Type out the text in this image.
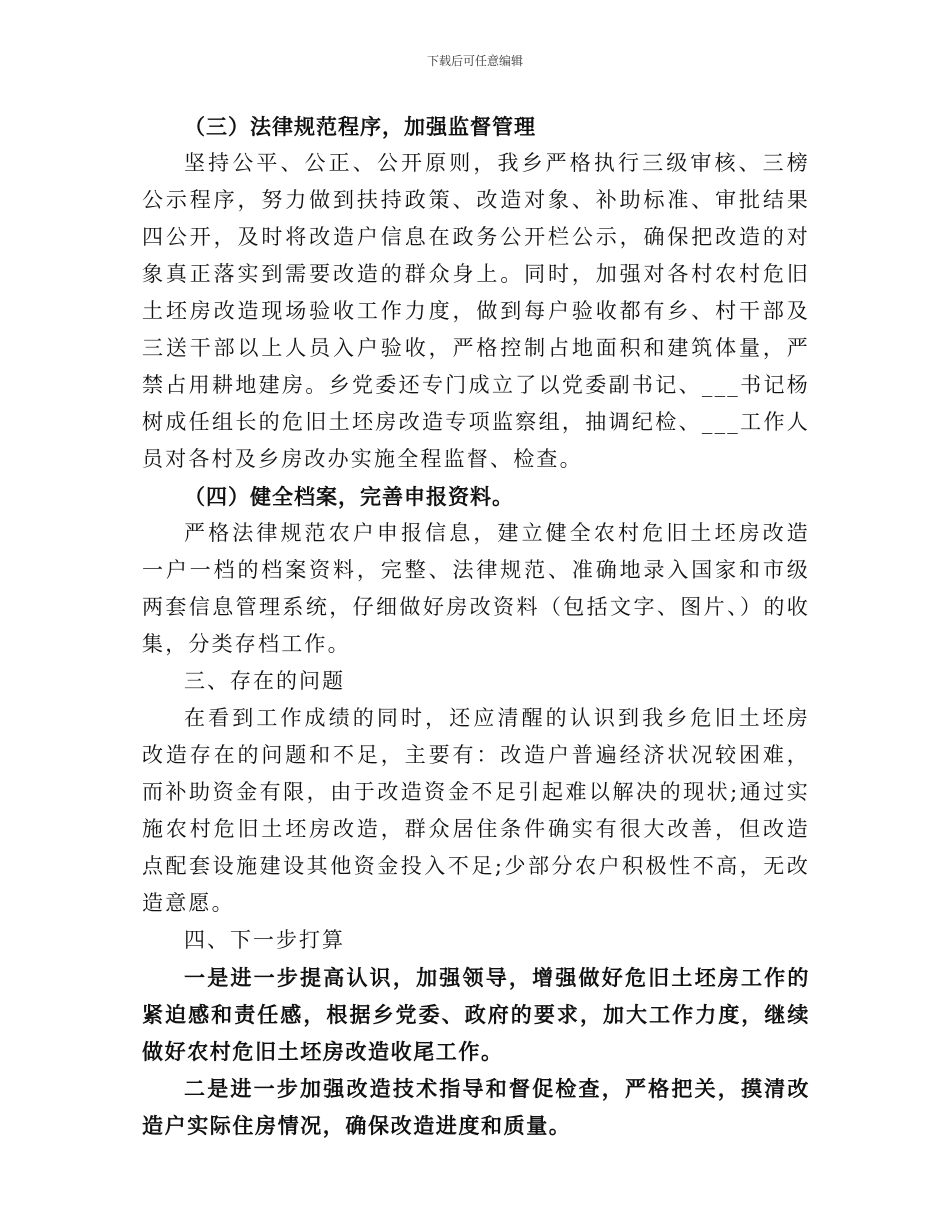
下载后可任意编辑

（三）法律规范程序，加强监督管理

坚持公平、公正、公开原则，我乡严格执行三级审核、三榜公示程序，努力做到扶持政策、改造对象、补助标准、审批结果四公开，及时将改造户信息在政务公开栏公示，确保把改造的对象真正落实到需要改造的群众身上。同时，加强对各村农村危旧土坯房改造现场验收工作力度，做到每户验收都有乡、村干部及三送干部以上人员入户验收，严格控制占地面积和建筑体量，严禁占用耕地建房。乡党委还专门成立了以党委副书记、___书记杨树成任组长的危旧土坯房改造专项监察组，抽调纪检、___工作人员对各村及乡房改办实施全程监督、检查。

（四）健全档案，完善申报资料。

严格法律规范农户申报信息，建立健全农村危旧土坯房改造一户一档的档案资料，完整、法律规范、准确地录入国家和市级两套信息管理系统，仔细做好房改资料（包括文字、图片、）的收集，分类存档工作。

三、存在的问题

在看到工作成绩的同时，还应清醒的认识到我乡危旧土坯房改造存在的问题和不足，主要有：改造户普遍经济状况较困难，而补助资金有限，由于改造资金不足引起难以解决的现状;通过实施农村危旧土坯房改造，群众居住条件确实有很大改善，但改造点配套设施建设其他资金投入不足;少部分农户积极性不高，无改造意愿。

四、下一步打算

一是进一步提高认识，加强领导，增强做好危旧土坯房工作的紧迫感和责任感，根据乡党委、政府的要求，加大工作力度，继续做好农村危旧土坯房改造收尾工作。

二是进一步加强改造技术指导和督促检查，严格把关，摸清改造户实际住房情况，确保改造进度和质量。
